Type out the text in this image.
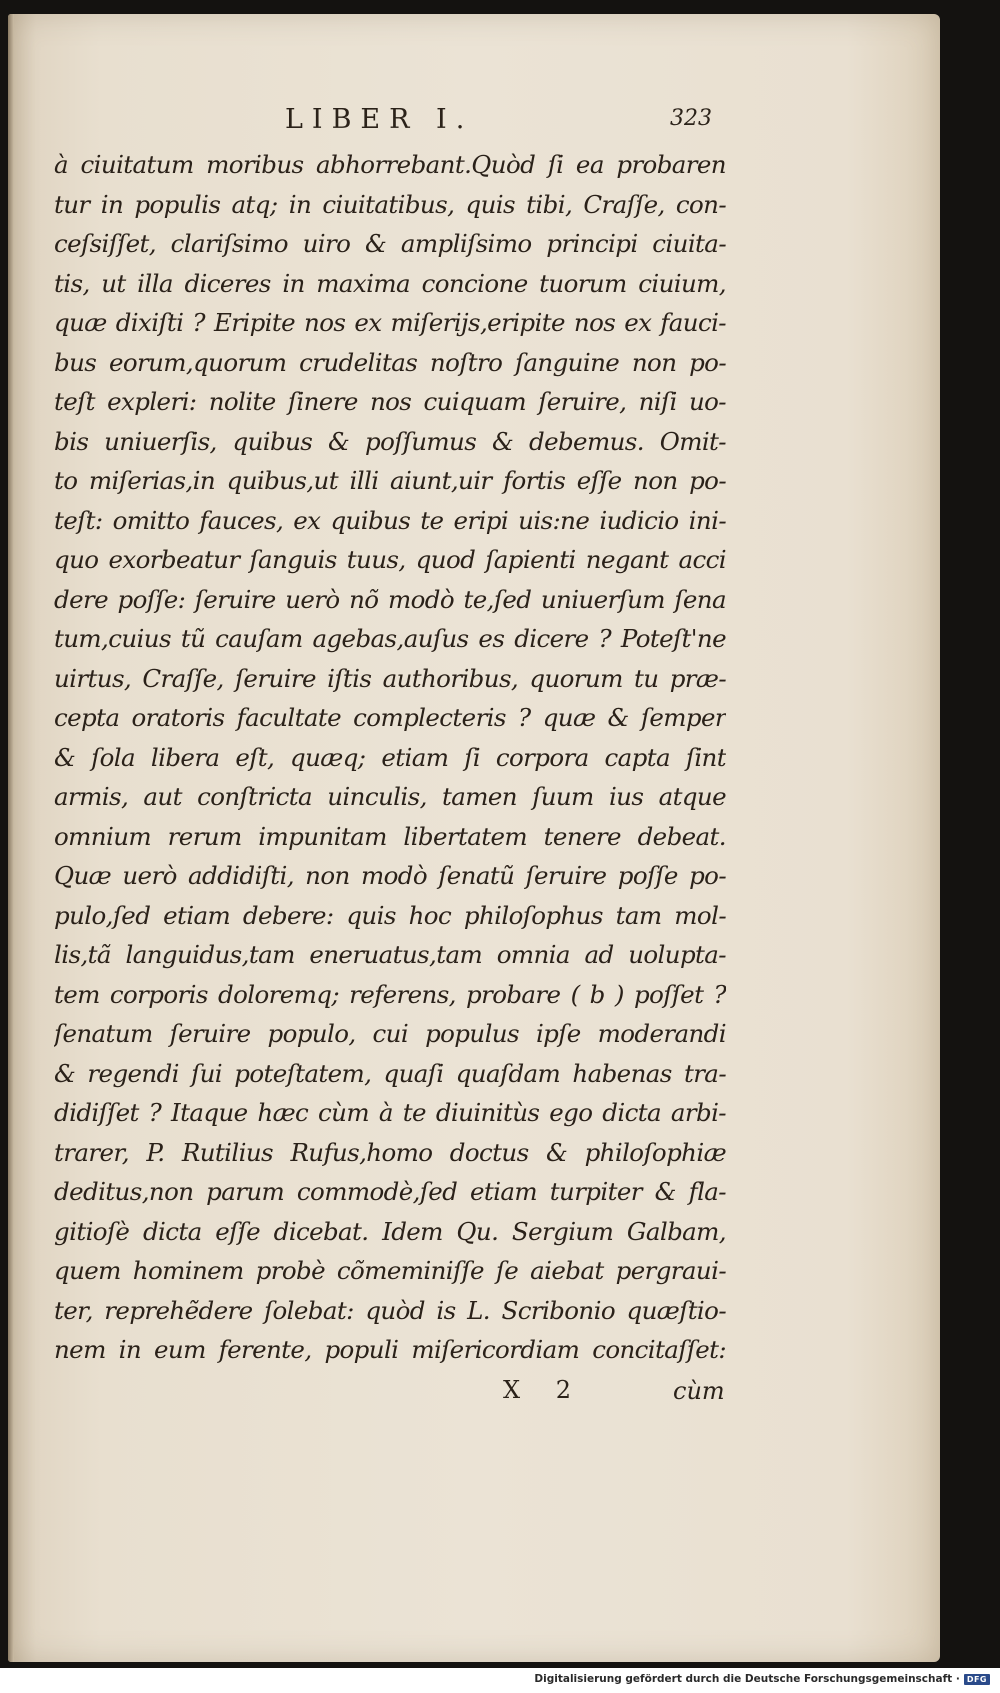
LIBER I.	323
à ciuitatum moribus abhorrebant.Quòd ſi ea probaren
tur in populis atq; in ciuitatibus, quis tibi, Craſſe, con-
ceſsiſſet, clariſsimo uiro & ampliſsimo principi ciuita-
tis, ut illa diceres in maxima concione tuorum ciuium,
quæ dixiſti ? Eripite nos ex miſerijs,eripite nos ex fauci-
bus eorum,quorum crudelitas noſtro ſanguine non po-
teſt expleri: nolite ſinere nos cuiquam ſeruire, niſi uo-
bis uniuerſis, quibus & poſſumus & debemus. Omit-
to miſerias,in quibus,ut illi aiunt,uir fortis eſſe non po-
teſt: omitto fauces, ex quibus te eripi uis:ne iudicio ini-
quo exorbeatur ſanguis tuus, quod ſapienti negant acci
dere poſſe: ſeruire uerò nõ modò te,ſed uniuerſum ſena
tum,cuius tũ cauſam agebas,auſus es dicere ? Poteſt'ne
uirtus, Craſſe, ſeruire iſtis authoribus, quorum tu præ-
cepta oratoris facultate complecteris ? quæ & ſemper
& ſola libera eſt, quæq; etiam ſi corpora capta ſint
armis, aut conſtricta uinculis, tamen ſuum ius atque
omnium rerum impunitam libertatem tenere debeat.
Quæ uerò addidiſti, non modò ſenatũ ſeruire poſſe po-
pulo,ſed etiam debere: quis hoc philoſophus tam mol-
lis,tã languidus,tam eneruatus,tam omnia ad uolupta-
tem corporis doloremq; referens, probare ( b ) poſſet ?
ſenatum ſeruire populo, cui populus ipſe moderandi
& regendi ſui poteſtatem, quaſi quaſdam habenas tra-
didiſſet ? Itaque hæc cùm à te diuinitùs ego dicta arbi-
trarer, P. Rutilius Rufus,homo doctus & philoſophiæ
deditus,non parum commodè,ſed etiam turpiter & fla-
gitioſè dicta eſſe dicebat. Idem Qu. Sergium Galbam,
quem hominem probè cõmeminiſſe ſe aiebat pergraui-
ter, reprehẽdere ſolebat: quòd is L. Scribonio quæſtio-
nem in eum ferente, populi miſericordiam concitaſſet:
X 2	cùm
Digitalisierung gefördert durch die Deutsche Forschungsgemeinschaft · DFG
